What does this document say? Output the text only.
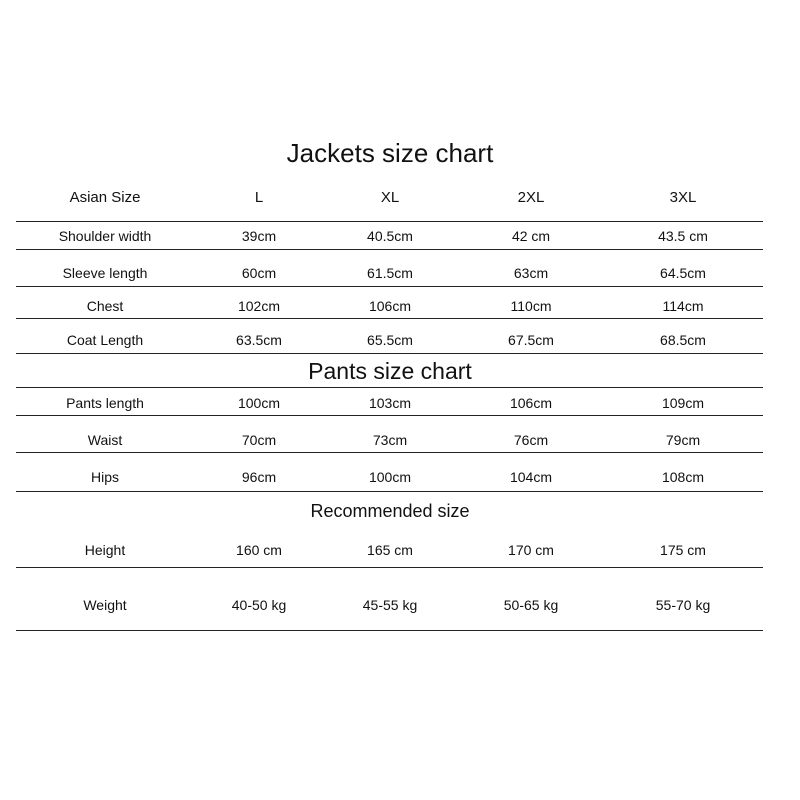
Jackets size chart
Asian Size	L	XL	2XL	3XL
Shoulder width	39cm	40.5cm	42 cm	43.5 cm
Sleeve length	60cm	61.5cm	63cm	64.5cm
Chest	102cm	106cm	110cm	114cm
Coat Length	63.5cm	65.5cm	67.5cm	68.5cm
Pants size chart
Pants length	100cm	103cm	106cm	109cm
Waist	70cm	73cm	76cm	79cm
Hips	96cm	100cm	104cm	108cm
Recommended size
Height	160 cm	165 cm	170 cm	175 cm
Weight	40-50 kg	45-55 kg	50-65 kg	55-70 kg
